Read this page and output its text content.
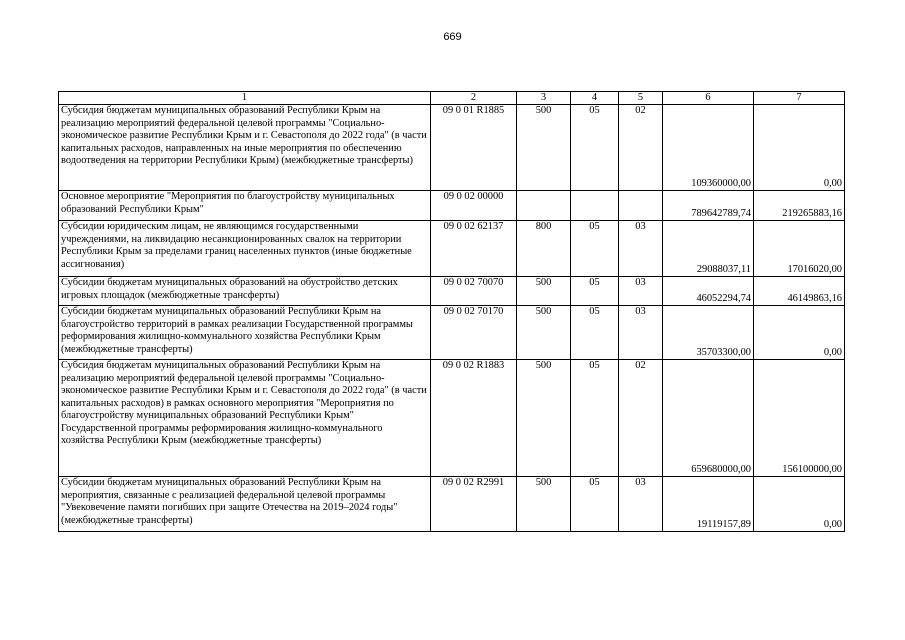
669
1	2	3	4	5	6	7
Субсидия бюджетам муниципальных образований Республики Крым на реализацию мероприятий федеральной целевой программы "Социально-экономическое развитие Республики Крым и г. Севастополя до 2022 года" (в части капитальных расходов, направленных на иные мероприятия по обеспечению водоотведения на территории Республики Крым) (межбюджетные трансферты)	09 0 01 R1885	500	05	02	109360000,00	0,00
Основное мероприятие "Мероприятия по благоустройству муниципальных образований Республики Крым"	09 0 02 00000				789642789,74	219265883,16
Субсидии юридическим лицам, не являющимся государственными учреждениями, на ликвидацию несанкционированных свалок на территории Республики Крым за пределами границ населенных пунктов (иные бюджетные ассигнования)	09 0 02 62137	800	05	03	29088037,11	17016020,00
Субсидии бюджетам муниципальных образований на обустройство детских игровых площадок (межбюджетные трансферты)	09 0 02 70070	500	05	03	46052294,74	46149863,16
Субсидии бюджетам муниципальных образований Республики Крым на благоустройство территорий в рамках реализации Государственной программы реформирования жилищно-коммунального хозяйства Республики Крым (межбюджетные трансферты)	09 0 02 70170	500	05	03	35703300,00	0,00
Субсидия бюджетам муниципальных образований Республики Крым на реализацию мероприятий федеральной целевой программы "Социально-экономическое развитие Республики Крым и г. Севастополя до 2022 года" (в части капитальных расходов) в рамках основного мероприятия "Мероприятия по благоустройству муниципальных образований Республики Крым" Государственной программы реформирования жилищно-коммунального хозяйства Республики Крым (межбюджетные трансферты)	09 0 02 R1883	500	05	02	659680000,00	156100000,00
Субсидии бюджетам муниципальных образований Республики Крым на мероприятия, связанные с реализацией федеральной целевой программы "Увековечение памяти погибших при защите Отечества на 2019–2024 годы" (межбюджетные трансферты)	09 0 02 R2991	500	05	03	19119157,89	0,00
